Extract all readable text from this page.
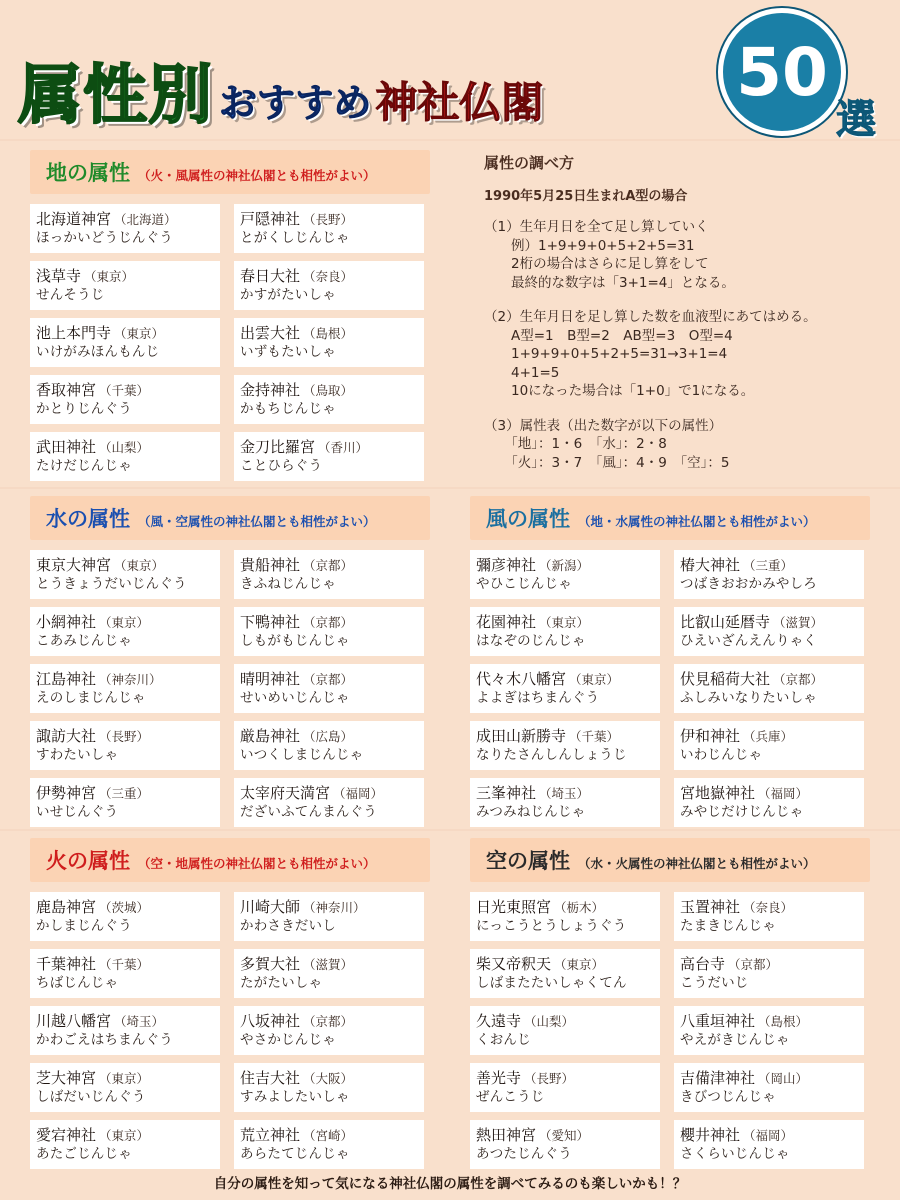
属性別 おすすめ 神社仏閣	50
選
地の属性 （火・風属性の神社仏閣とも相性がよい）
北海道神宮 （北海道）
ほっかいどうじんぐう
戸隠神社 （長野）
とがくしじんじゃ
浅草寺 （東京）
せんそうじ
春日大社 （奈良）
かすがたいしゃ
池上本門寺 （東京）
いけがみほんもんじ
出雲大社 （島根）
いずもたいしゃ
香取神宮 （千葉）
かとりじんぐう
金持神社 （鳥取）
かもちじんじゃ
武田神社 （山梨）
たけだじんじゃ
金刀比羅宮 （香川）
ことひらぐう
水の属性 （風・空属性の神社仏閣とも相性がよい）
東京大神宮 （東京）
とうきょうだいじんぐう
貴船神社 （京都）
きふねじんじゃ
小網神社 （東京）
こあみじんじゃ
下鴨神社 （京都）
しもがもじんじゃ
江島神社 （神奈川）
えのしまじんじゃ
晴明神社 （京都）
せいめいじんじゃ
諏訪大社 （長野）
すわたいしゃ
厳島神社 （広島）
いつくしまじんじゃ
伊勢神宮 （三重）
いせじんぐう
太宰府天満宮 （福岡）
だざいふてんまんぐう
風の属性 （地・水属性の神社仏閣とも相性がよい）
彌彦神社 （新潟）
やひこじんじゃ
椿大神社 （三重）
つばきおおかみやしろ
花園神社 （東京）
はなぞのじんじゃ
比叡山延暦寺 （滋賀）
ひえいざんえんりゃく
代々木八幡宮 （東京）
よよぎはちまんぐう
伏見稲荷大社 （京都）
ふしみいなりたいしゃ
成田山新勝寺 （千葉）
なりたさんしんしょうじ
伊和神社 （兵庫）
いわじんじゃ
三峯神社 （埼玉）
みつみねじんじゃ
宮地嶽神社 （福岡）
みやじだけじんじゃ
火の属性 （空・地属性の神社仏閣とも相性がよい）
鹿島神宮 （茨城）
かしまじんぐう
川崎大師 （神奈川）
かわさきだいし
千葉神社 （千葉）
ちばじんじゃ
多賀大社 （滋賀）
たがたいしゃ
川越八幡宮 （埼玉）
かわごえはちまんぐう
八坂神社 （京都）
やさかじんじゃ
芝大神宮 （東京）
しばだいじんぐう
住吉大社 （大阪）
すみよしたいしゃ
愛宕神社 （東京）
あたごじんじゃ
荒立神社 （宮崎）
あらたてじんじゃ
空の属性 （水・火属性の神社仏閣とも相性がよい）
日光東照宮 （栃木）
にっこうとうしょうぐう
玉置神社 （奈良）
たまきじんじゃ
柴又帝釈天 （東京）
しばまたたいしゃくてん
高台寺 （京都）
こうだいじ
久遠寺 （山梨）
くおんじ
八重垣神社 （島根）
やえがきじんじゃ
善光寺 （長野）
ぜんこうじ
吉備津神社 （岡山）
きびつじんじゃ
熱田神宮 （愛知）
あつたじんぐう
櫻井神社 （福岡）
さくらいじんじゃ
属性の調べ方
1990年5月25日生まれA型の場合
（1）生年月日を全て足し算していく
　　例）1+9+9+0+5+2+5=31
　　2桁の場合はさらに足し算をして
　　最終的な数字は「3+1=4」となる。
（2）生年月日を足し算した数を血液型にあてはめる。
　　A型=1　B型=2　AB型=3　O型=4
　　1+9+9+0+5+2+5=31→3+1=4
　　4+1=5
　　10になった場合は「1+0」で1になる。
（3）属性表（出た数字が以下の属性）
　　「地」：1・6　「水」：2・8
　　「火」：3・7　「風」：4・9　「空」：5
自分の属性を知って気になる神社仏閣の属性を調べてみるのも楽しいかも！？
